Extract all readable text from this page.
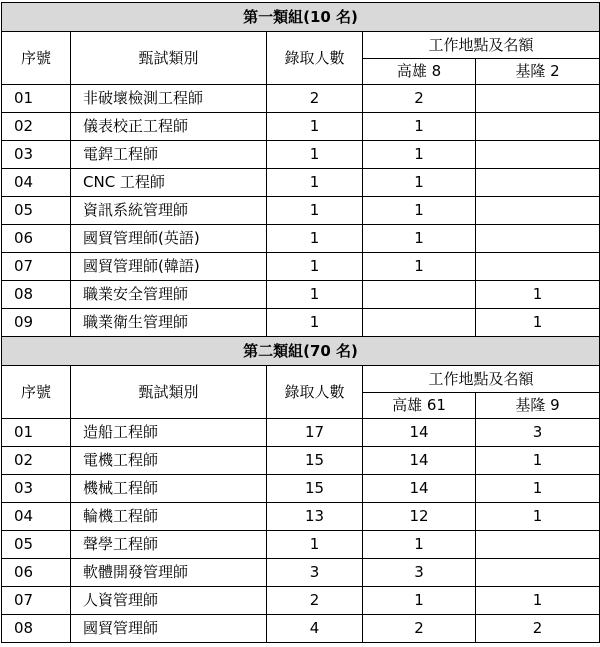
第一類組(10 名)				
序號	甄試類別	錄取人數	工作地點及名額	
			高雄 8	基隆 2
01	非破壞檢測工程師	2	2	
02	儀表校正工程師	1	1	
03	電銲工程師	1	1	
04	CNC 工程師	1	1	
05	資訊系統管理師	1	1	
06	國貿管理師(英語)	1	1	
07	國貿管理師(韓語)	1	1	
08	職業安全管理師	1		1
09	職業衛生管理師	1		1
第二類組(70 名)				
序號	甄試類別	錄取人數	工作地點及名額	
			高雄 61	基隆 9
01	造船工程師	17	14	3
02	電機工程師	15	14	1
03	機械工程師	15	14	1
04	輪機工程師	13	12	1
05	聲學工程師	1	1	
06	軟體開發管理師	3	3	
07	人資管理師	2	1	1
08	國貿管理師	4	2	2
